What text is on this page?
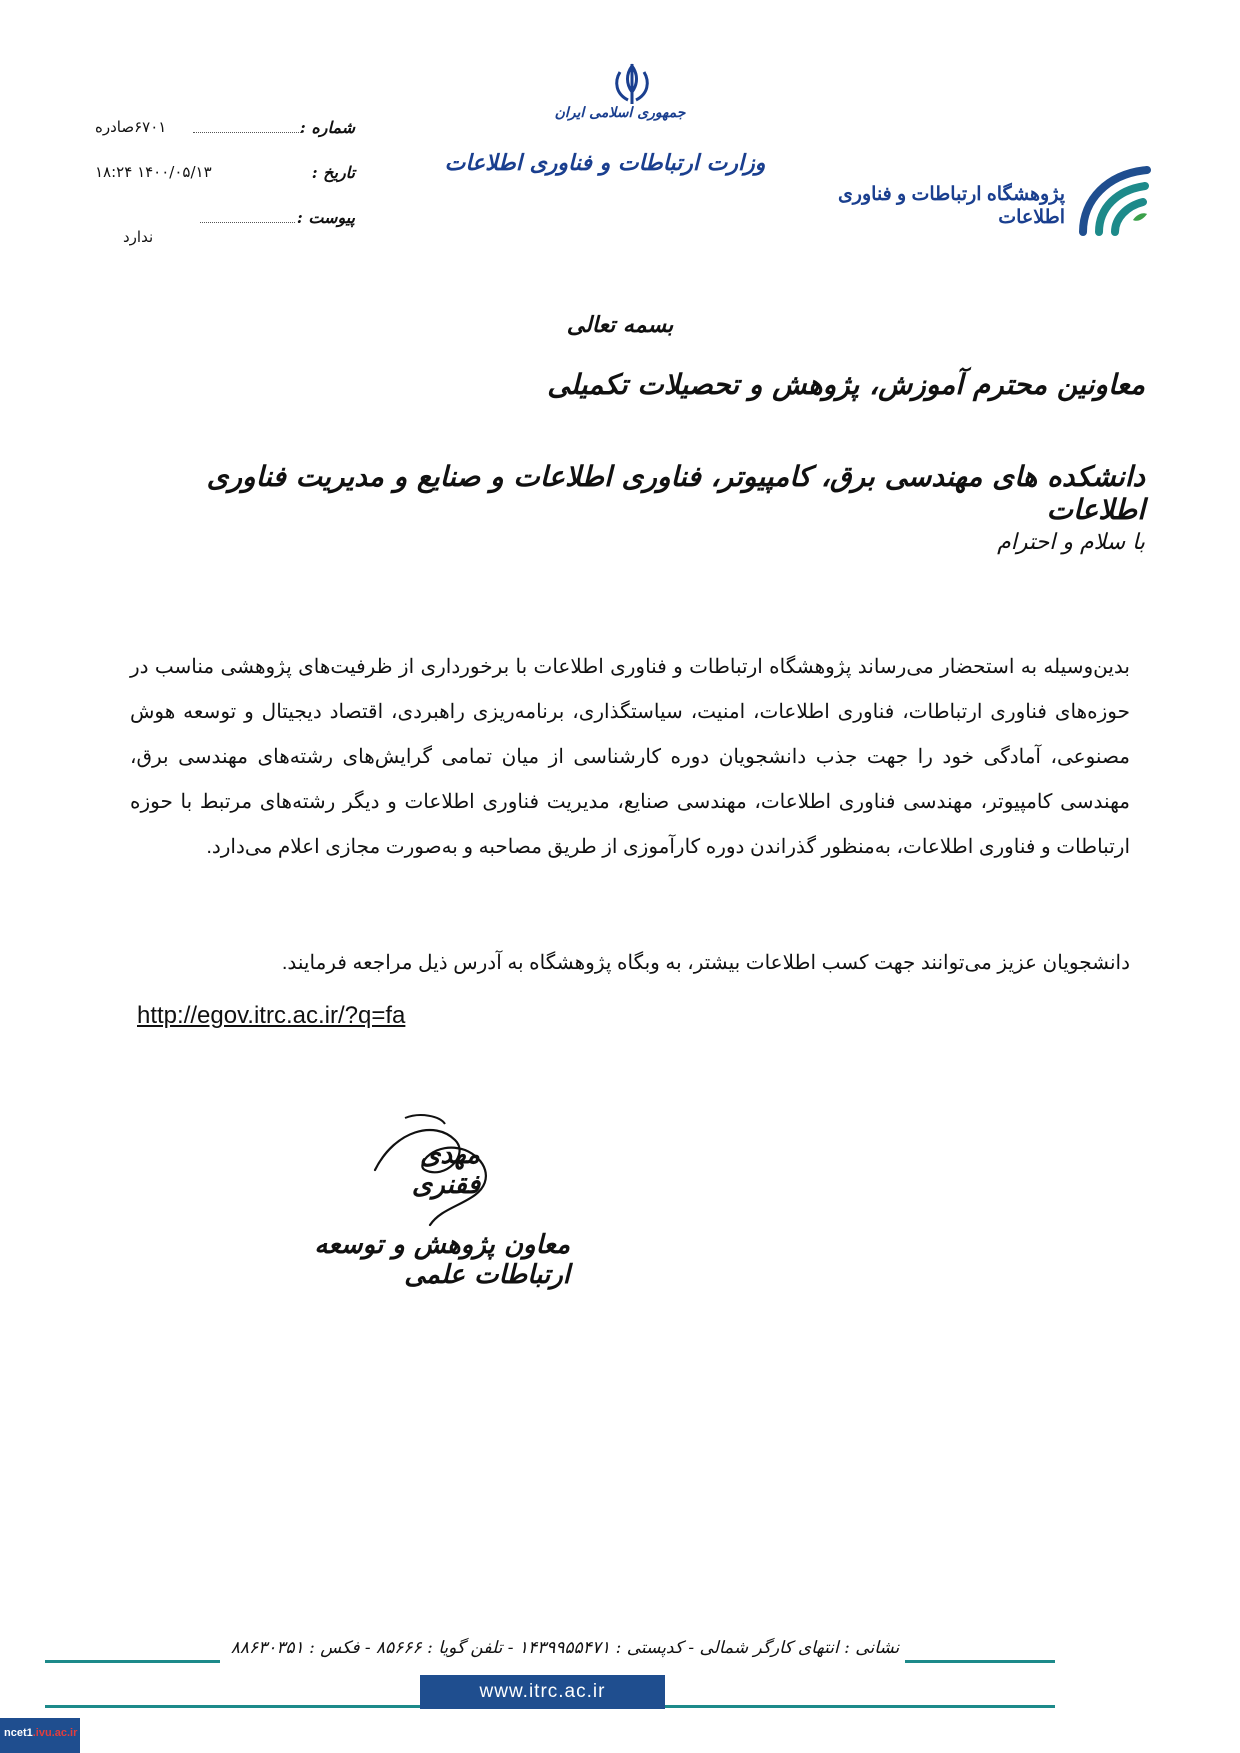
شماره :
۶۷۰۱صادره
تاریخ :
۱۴۰۰/۰۵/۱۳ ۱۸:۲۴
پیوست :
ندارد
جمهوری اسلامی ایران
وزارت ارتباطات و فناوری اطلاعات
پژوهشگاه ارتباطات و فناوری اطلاعات
بسمه تعالی
معاونین محترم آموزش، پژوهش و تحصیلات تکمیلی
دانشکده های مهندسی برق، کامپیوتر، فناوری اطلاعات و صنایع و مدیریت فناوری اطلاعات
با سلام و احترام
بدین‌وسیله به استحضار می‌رساند پژوهشگاه ارتباطات و فناوری اطلاعات با برخورداری از ظرفیت‌های پژوهشی مناسب در حوزه‌های فناوری ارتباطات، فناوری اطلاعات، امنیت، سیاستگذاری، برنامه‌ریزی راهبردی، اقتصاد دیجیتال و توسعه هوش مصنوعی، آمادگی خود را جهت جذب دانشجویان دوره کارشناسی از میان تمامی گرایش‌های رشته‌های مهندسی برق، مهندسی کامپیوتر، مهندسی فناوری اطلاعات، مهندسی صنایع، مدیریت فناوری اطلاعات و دیگر رشته‌های مرتبط با حوزه ارتباطات و فناوری اطلاعات، به‌منظور گذراندن دوره کارآموزی از طریق مصاحبه و به‌صورت مجازی اعلام می‌دارد.
دانشجویان عزیز می‌توانند جهت کسب اطلاعات بیشتر، به وبگاه پژوهشگاه به آدرس ذیل مراجعه فرمایند.
http://egov.itrc.ac.ir/?q=fa
مهدی فقنری
معاون پژوهش و توسعه ارتباطات علمی
نشانی : انتهای کارگر شمالی - کدپستی : ۱۴۳۹۹۵۵۴۷۱ - تلفن گویا : ۸۵۶۶۶ - فکس : ۸۸۶۳۰۳۵۱
www.itrc.ac.ir
ncet1.ivu.ac.ir
